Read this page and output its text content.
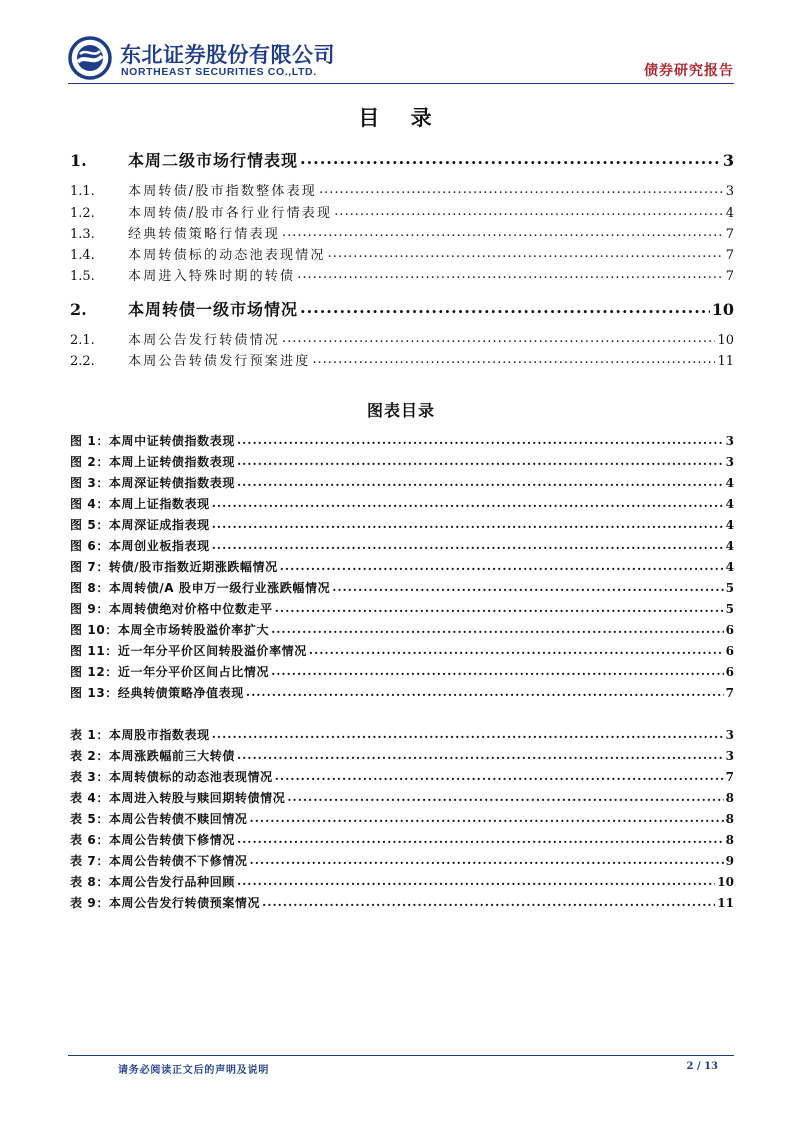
东北证券股份有限公司
NORTHEAST SECURITIES CO.,LTD.	债券研究报告
目 录
1.	本周二级市场行情表现 .....	3
1.1.	本周转债/股市指数整体表现 .....	3
1.2.	本周转债/股市各行业行情表现 .....	4
1.3.	经典转债策略行情表现 .....	7
1.4.	本周转债标的动态池表现情况 .....	7
1.5.	本周进入特殊时期的转债 .....	7
2.	本周转债一级市场情况 .....	10
2.1.	本周公告发行转债情况 .....	10
2.2.	本周公告转债发行预案进度 .....	11
图表目录
图 1：本周中证转债指数表现 .....	3
图 2：本周上证转债指数表现 .....	3
图 3：本周深证转债指数表现 .....	4
图 4：本周上证指数表现 .....	4
图 5：本周深证成指表现 .....	4
图 6：本周创业板指表现 .....	4
图 7：转债/股市指数近期涨跌幅情况 .....	4
图 8：本周转债/A 股申万一级行业涨跌幅情况 .....	5
图 9：本周转债绝对价格中位数走平 .....	5
图 10：本周全市场转股溢价率扩大 .....	6
图 11：近一年分平价区间转股溢价率情况 .....	6
图 12：近一年分平价区间占比情况 .....	6
图 13：经典转债策略净值表现 .....	7
表 1：本周股市指数表现 .....	3
表 2：本周涨跌幅前三大转债 .....	3
表 3：本周转债标的动态池表现情况 .....	7
表 4：本周进入转股与赎回期转债情况 .....	8
表 5：本周公告转债不赎回情况 .....	8
表 6：本周公告转债下修情况 .....	8
表 7：本周公告转债不下修情况 .....	9
表 8：本周公告发行品种回顾 .....	10
表 9：本周公告发行转债预案情况 .....	11
请务必阅读正文后的声明及说明	2 / 13
